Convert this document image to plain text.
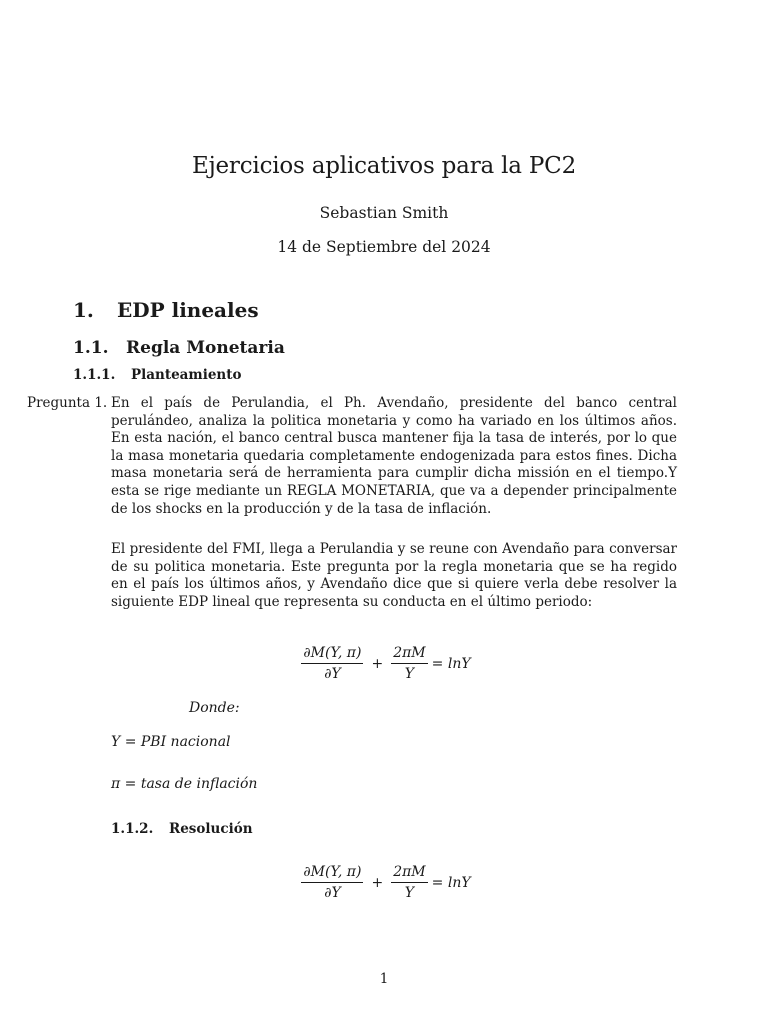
Ejercicios aplicativos para la PC2
Sebastian Smith
14 de Septiembre del 2024
1. EDP lineales
1.1. Regla Monetaria
1.1.1. Planteamiento
Pregunta 1. En el país de Perulandia, el Ph. Avendaño, presidente del banco central perulándeo, analiza la politica monetaria y como ha variado en los últimos años. En esta nación, el banco central busca mantener fija la tasa de interés, por lo que la masa monetaria quedaria completamente endogenizada para estos fines. Dicha masa monetaria será de herramienta para cumplir dicha missión en el tiempo.Y esta se rige mediante un REGLA MONETARIA, que va a depender principalmente de los shocks en la producción y de la tasa de inflación.
El presidente del FMI, llega a Perulandia y se reune con Avendaño para conversar de su politica monetaria. Este pregunta por la regla monetaria que se ha regido en el país los últimos años, y Avendaño dice que si quiere verla debe resolver la siguiente EDP lineal que representa su conducta en el último periodo:
$\frac{\partial M(Y, \pi)}{\partial Y} + \frac{2\pi M}{Y} = \ln Y$
Donde:
Y = PBI nacional
π = tasa de inflación
1.1.2. Resolución
$\frac{\partial M(Y, \pi)}{\partial Y} + \frac{2\pi M}{Y} = \ln Y$
1
